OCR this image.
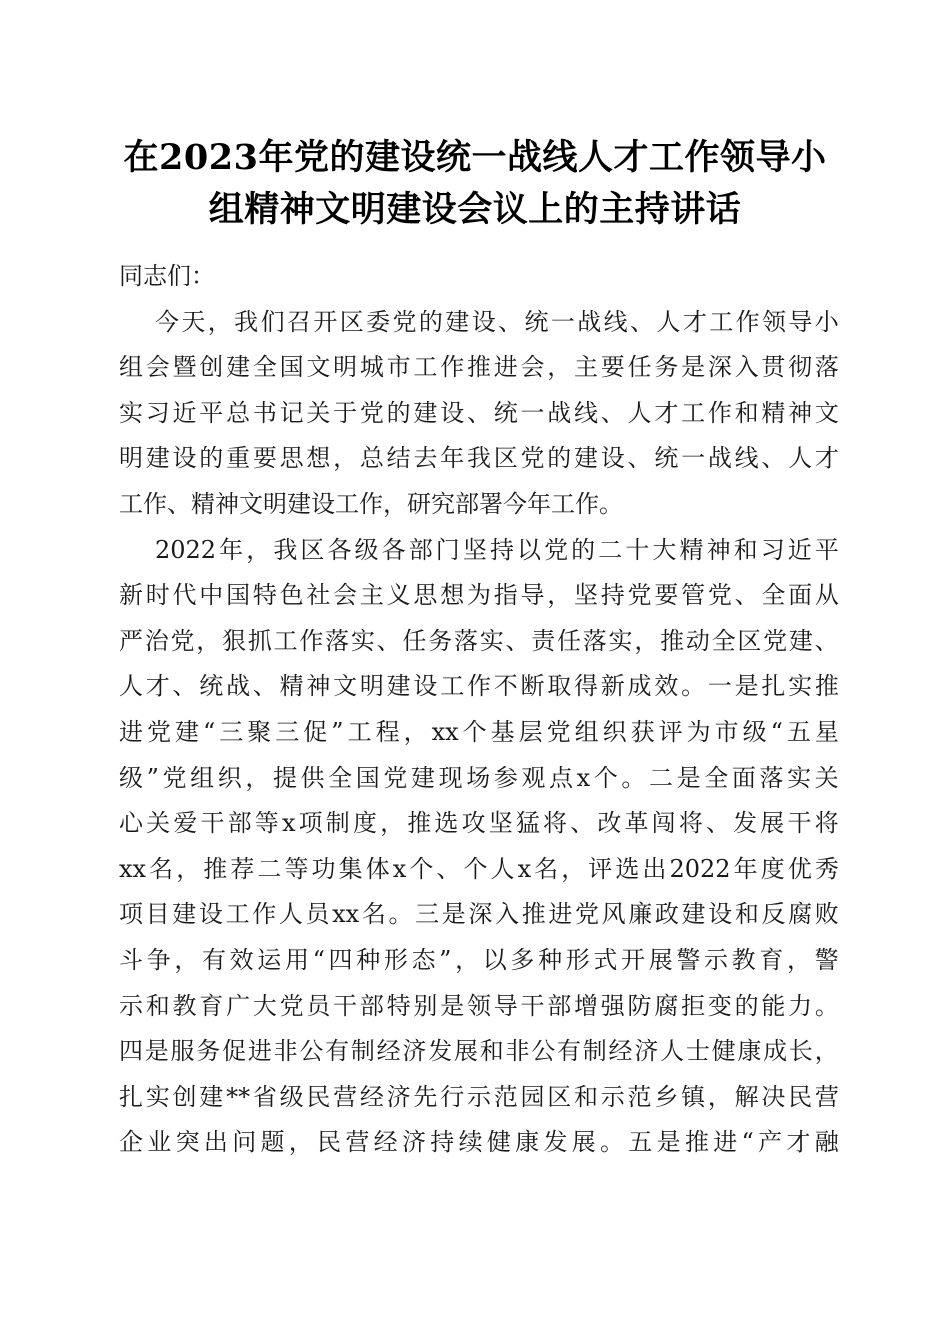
在2023年党的建设统一战线人才工作领导小
组精神文明建设会议上的主持讲话
同志们：
今 天 ， 我 们 召 开 区 委 党 的 建 设 、 统 一 战 线 、 人 才 工 作 领 导 小
组 会 暨 创 建 全 国 文 明 城 市 工 作 推 进 会 ， 主 要 任 务 是 深 入 贯 彻 落
实 习 近 平 总 书 记 关 于 党 的 建 设 、 统 一 战 线 、 人 才 工 作 和 精 神 文
明 建 设 的 重 要 思 想 ， 总 结 去 年 我 区 党 的 建 设 、 统 一 战 线 、 人 才
工作、精神文明建设工作，研究部署今年工作。
2022 年 ， 我 区 各 级 各 部 门 坚 持 以 党 的 二 十 大 精 神 和 习 近 平
新 时 代 中 国 特 色 社 会 主 义 思 想 为 指 导 ， 坚 持 党 要 管 党 、 全 面 从
严 治 党 ， 狠 抓 工 作 落 实 、 任 务 落 实 、 责 任 落 实 ， 推 动 全 区 党 建 、
人 才 、 统 战 、 精 神 文 明 建 设 工 作 不 断 取 得 新 成 效 。 一 是 扎 实 推
进 党 建 “ 三 聚 三 促 ” 工 程 ， xx 个 基 层 党 组 织 获 评 为 市 级 “ 五 星
级 ” 党 组 织 ， 提 供 全 国 党 建 现 场 参 观 点 x 个 。 二 是 全 面 落 实 关
心 关 爱 干 部 等 x 项 制 度 ， 推 选 攻 坚 猛 将 、 改 革 闯 将 、 发 展 干 将
xx 名 ， 推 荐 二 等 功 集 体 x 个 、 个 人 x 名 ， 评 选 出 2022 年 度 优 秀
项 目 建 设 工 作 人 员 xx 名 。 三 是 深 入 推 进 党 风 廉 政 建 设 和 反 腐 败
斗 争 ， 有 效 运 用 “ 四 种 形 态 ” ， 以 多 种 形 式 开 展 警 示 教 育 ， 警
示 和 教 育 广 大 党 员 干 部 特 别 是 领 导 干 部 增 强 防 腐 拒 变 的 能 力 。
四 是 服 务 促 进 非 公 有 制 经 济 发 展 和 非 公 有 制 经 济 人 士 健 康 成 长 ，
扎 实 创 建 ** 省 级 民 营 经 济 先 行 示 范 园 区 和 示 范 乡 镇 ， 解 决 民 营
企 业 突 出 问 题 ， 民 营 经 济 持 续 健 康 发 展 。 五 是 推 进 “ 产 才 融
